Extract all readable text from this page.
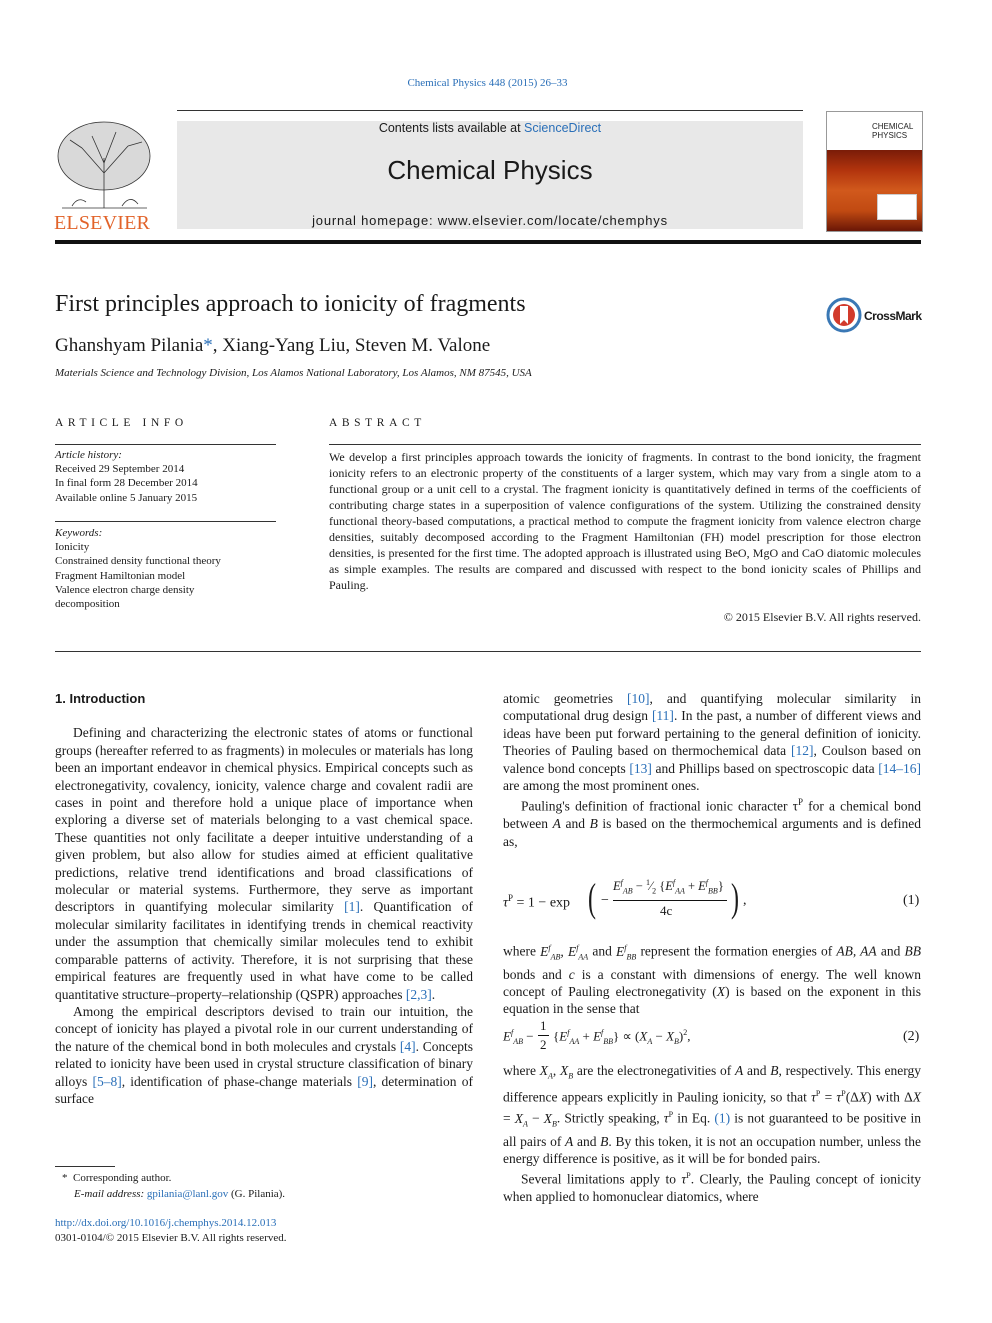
Chemical Physics 448 (2015) 26–33
ELSEVIER
Contents lists available at ScienceDirect
Chemical Physics
journal homepage: www.elsevier.com/locate/chemphys
CHEMICAL
PHYSICS
First principles approach to ionicity of fragments	CrossMark
Ghanshyam Pilania*, Xiang-Yang Liu, Steven M. Valone
Materials Science and Technology Division, Los Alamos National Laboratory, Los Alamos, NM 87545, USA
ARTICLE INFO
Article history:
Received 29 September 2014
In final form 28 December 2014
Available online 5 January 2015
Keywords:
Ionicity
Constrained density functional theory
Fragment Hamiltonian model
Valence electron charge density
decomposition
ABSTRACT
We develop a first principles approach towards the ionicity of fragments. In contrast to the bond ionicity, the fragment ionicity refers to an electronic property of the constituents of a larger system, which may vary from a single atom to a functional group or a unit cell to a crystal. The fragment ionicity is quantitatively defined in terms of the coefficients of contributing charge states in a superposition of valence configurations of the system. Utilizing the constrained density functional theory-based computations, a practical method to compute the fragment ionicity from valence electron charge densities, suitably decomposed according to the Fragment Hamiltonian (FH) model prescription for those electron densities, is presented for the first time. The adopted approach is illustrated using BeO, MgO and CaO diatomic molecules as simple examples. The results are compared and discussed with respect to the bond ionicity scales of Phillips and Pauling.
© 2015 Elsevier B.V. All rights reserved.

1. Introduction

Defining and characterizing the electronic states of atoms or functional groups (hereafter referred to as fragments) in molecules or materials has long been an important endeavor in chemical physics. Empirical concepts such as electronegativity, covalency, ionicity, valence charge and covalent radii are cases in point and therefore hold a unique place of importance when exploring a diverse set of materials belonging to a vast chemical space. These quantities not only facilitate a deeper intuitive understanding of a given problem, but also allow for studies aimed at efficient qualitative predictions, relative trend identifications and broad classifications of molecular or material systems. Furthermore, they serve as important descriptors in quantifying molecular similarity [1]. Quantification of molecular similarity facilitates in identifying trends in chemical reactivity under the assumption that chemically similar molecules tend to exhibit comparable patterns of activity. Therefore, it is not surprising that these empirical features are frequently used in what have come to be called quantitative structure–property–relationship (QSPR) approaches [2,3].

Among the empirical descriptors devised to train our intuition, the concept of ionicity has played a pivotal role in our current understanding of the nature of the chemical bond in both molecules and crystals [4]. Concepts related to ionicity have been used in crystal structure classification of binary alloys [5–8], identification of phase-change materials [9], determination of surface

atomic geometries [10], and quantifying molecular similarity in computational drug design [11]. In the past, a number of different views and ideas have been put forward pertaining to the general definition of ionicity. Theories of Pauling based on thermochemical data [12], Coulson based on valence bond concepts [13] and Phillips based on spectroscopic data [14–16] are among the most prominent ones.

Pauling's definition of fractional ionic character $\tau^P$ for a chemical bond between A and B is based on the thermochemical arguments and is defined as,

$\tau^P = 1 - \exp$ ( −
$E^f_{AB}$ − $^1⁄_2$ $\{E^f_{AA} + E^f_{BB}\}$
4c ) ,	(1)

where $E^f_{AB}$, $E^f_{AA}$ and $E^f_{BB}$ represent the formation energies of AB, AA and BB bonds and c is a constant with dimensions of energy. The well known concept of Pauling electronegativity (X) is based on the exponent in this equation in the sense that

$E^f_{AB}$ −
1
2
$\{E^f_{AA} + E^f_{BB}\} \propto (X_A - X_B)^2$,	(2)

where $X_A$, $X_B$ are the electronegativities of A and B, respectively. This energy difference appears explicitly in Pauling ionicity, so that $\tau^P = \tau^P(\Delta X)$ with $\Delta X = X_A - X_B$. Strictly speaking, $\tau^P$ in Eq. (1) is not guaranteed to be positive in all pairs of A and B. By this token, it is not an occupation number, unless the energy difference is positive, as it will be for bonded pairs.

Several limitations apply to $\tau^P$. Clearly, the Pauling concept of ionicity when applied to homonuclear diatomics, where

*  Corresponding author.
E-mail address: gpilania@lanl.gov (G. Pilania).
http://dx.doi.org/10.1016/j.chemphys.2014.12.013
0301-0104/© 2015 Elsevier B.V. All rights reserved.
